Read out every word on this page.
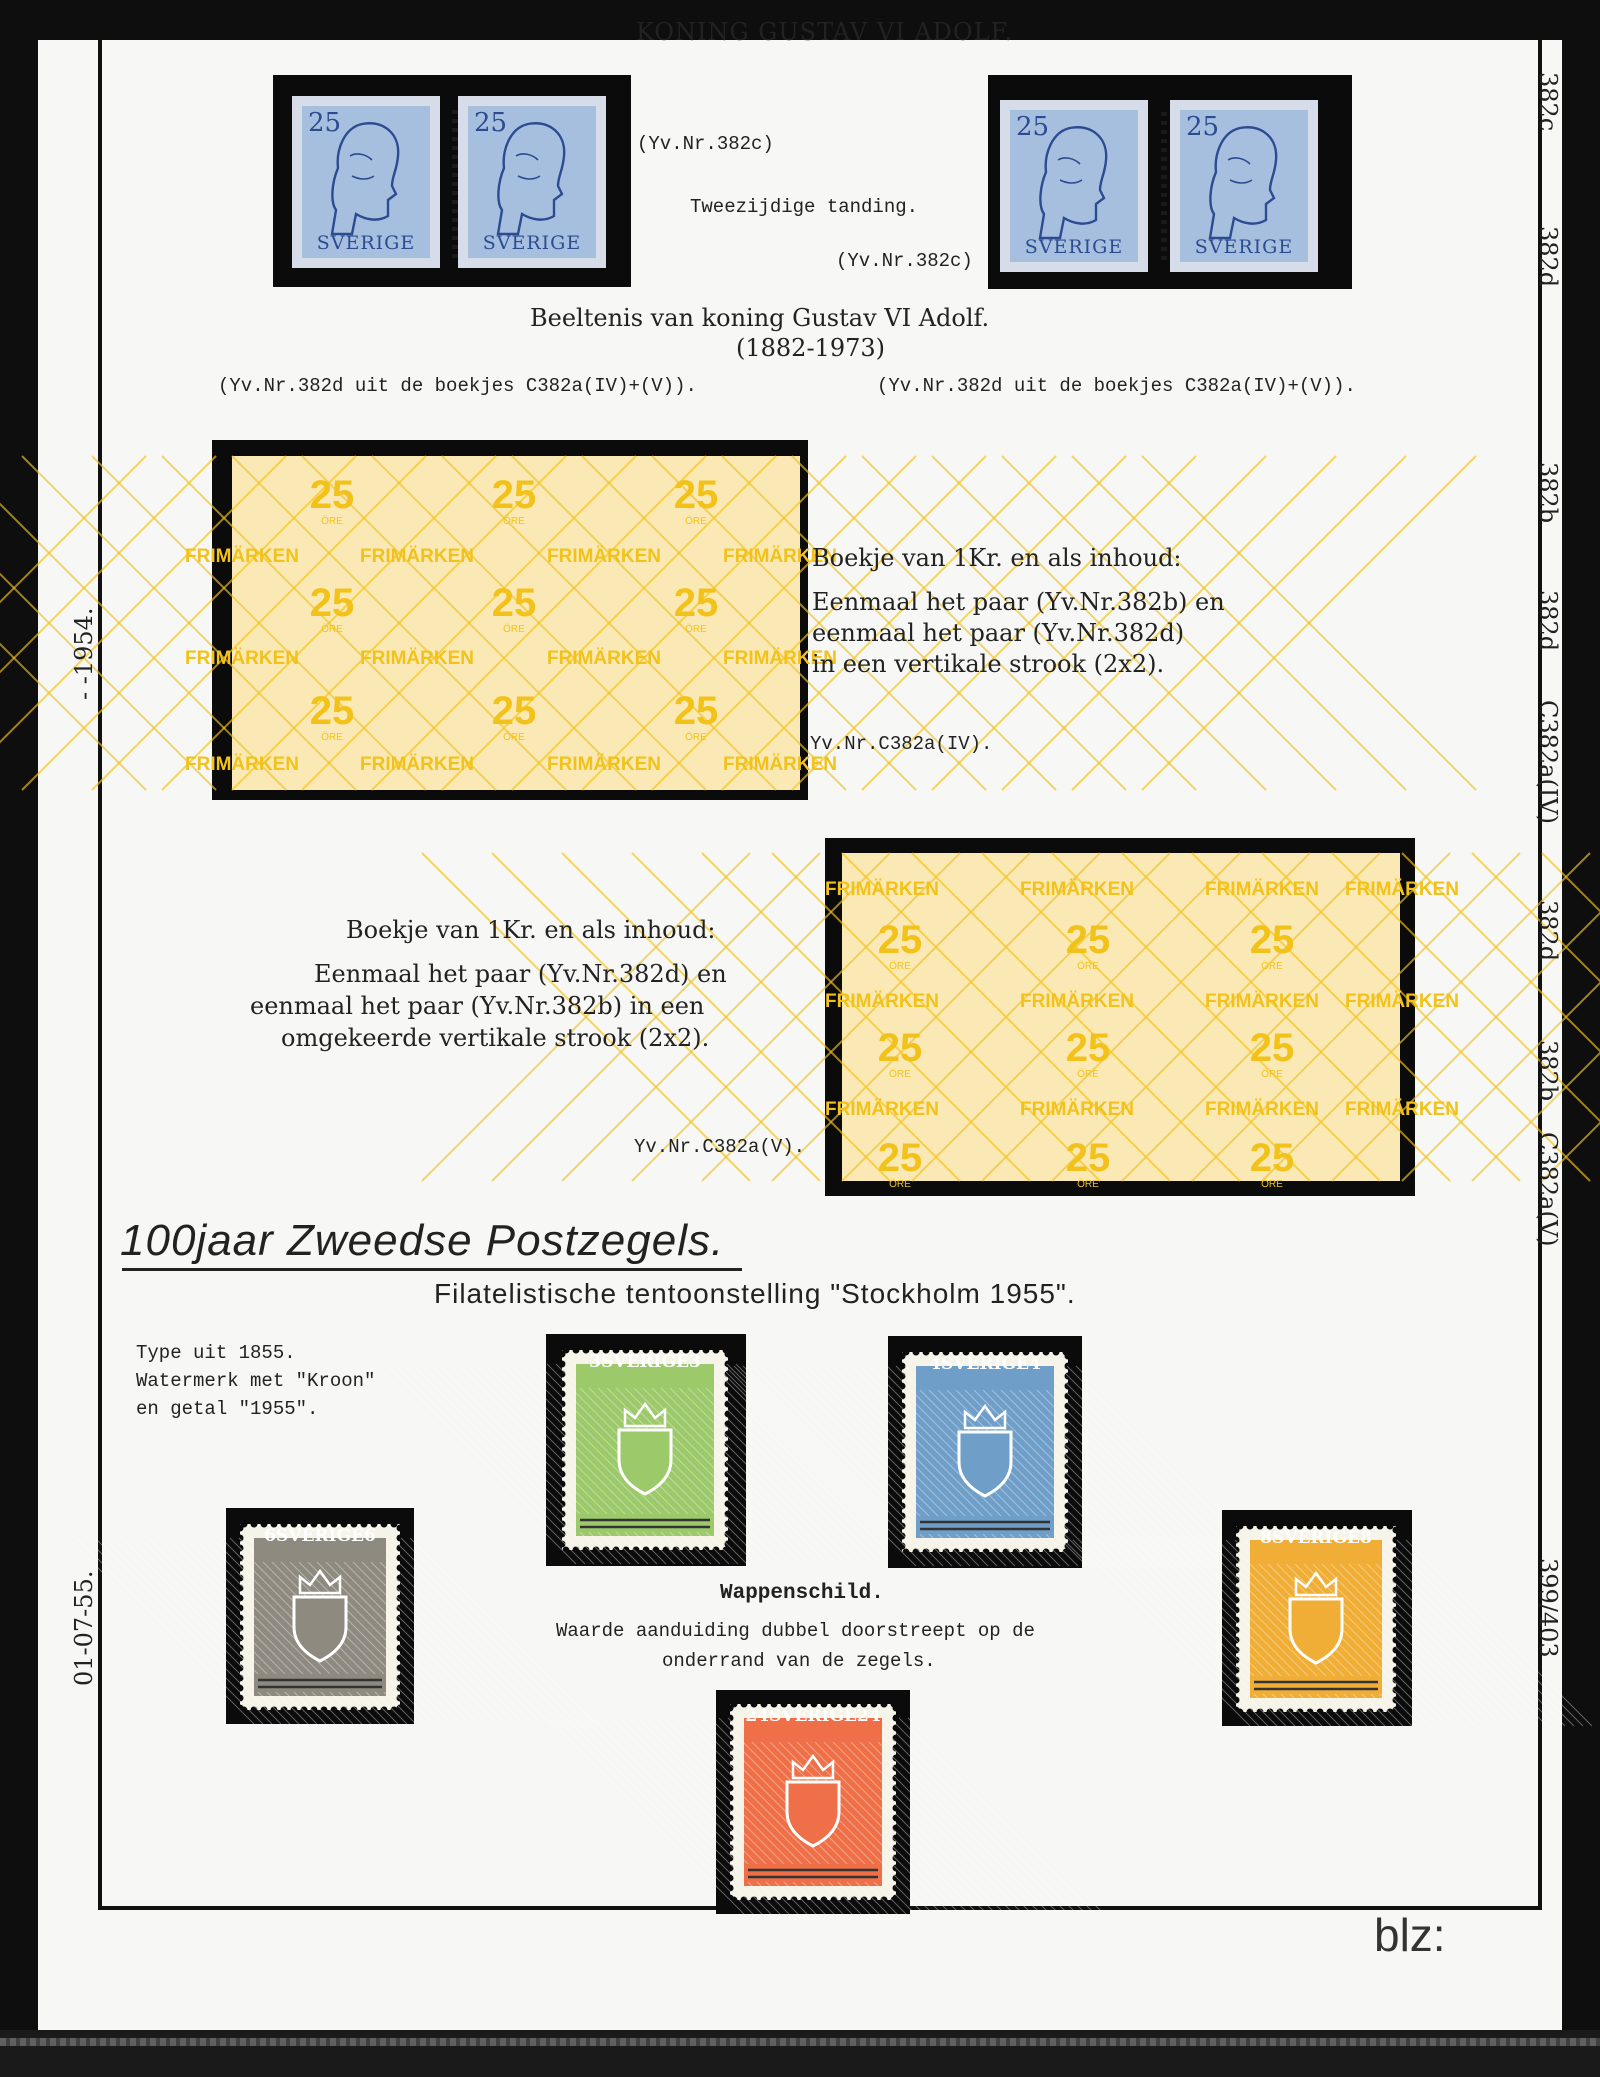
KONING GUSTAV VI ADOLF.
25
SVERIGE
25
SVERIGE
25
SVERIGE
25
SVERIGE
(Yv.Nr.382c)
Tweezijdige tanding.
(Yv.Nr.382c)
Beeltenis van koning Gustav VI Adolf.
(1882-1973)
(Yv.Nr.382d uit de boekjes C382a(IV)+(V)).	(Yv.Nr.382d uit de boekjes C382a(IV)+(V)).
25
ÖRE
25
ÖRE
25
ÖRE
25
ÖRE
25
ÖRE
25
ÖRE
25
ÖRE
25
ÖRE
25
ÖRE
FRIMÄRKEN	FRIMÄRKEN	FRIMÄRKEN	FRIMÄRKEN
FRIMÄRKEN	FRIMÄRKEN	FRIMÄRKEN	FRIMÄRKEN
FRIMÄRKEN	FRIMÄRKEN	FRIMÄRKEN	FRIMÄRKEN
Boekje van 1Kr. en als inhoud:
Eenmaal het paar (Yv.Nr.382b) en
eenmaal het paar (Yv.Nr.382d)
in een vertikale strook (2x2).
Yv.Nr.C382a(IV).
25
ÖRE
25
ÖRE
25
ÖRE
25
ÖRE
25
ÖRE
25
ÖRE
25
ÖRE
25
ÖRE
25
ÖRE
FRIMÄRKEN	FRIMÄRKEN	FRIMÄRKEN FRIMÄRKEN
FRIMÄRKEN	FRIMÄRKEN	FRIMÄRKEN FRIMÄRKEN
FRIMÄRKEN	FRIMÄRKEN	FRIMÄRKEN FRIMÄRKEN
Boekje van 1Kr. en als inhoud:
Eenmaal het paar (Yv.Nr.382d) en
eenmaal het paar (Yv.Nr.382b) in een
omgekeerde vertikale strook (2x2).
Yv.Nr.C382a(V).
100jaar Zweedse Postzegels.
Filatelistische tentoonstelling "Stockholm 1955".
Type uit 1855.
Watermerk met "Kroon"
en getal "1955".
3SVERIGE3	4SVERIGE4
6SVERIGE6	8SVERIGE8
24SVERIGE24
Wappenschild.
Waarde aanduiding dubbel doorstreept op de
onderrand van de zegels.
382c
382d
382b
382d
C382a(IV)
382d
382b
C382a(V)
399/403
- -1954.
01-07-55.
blz:
